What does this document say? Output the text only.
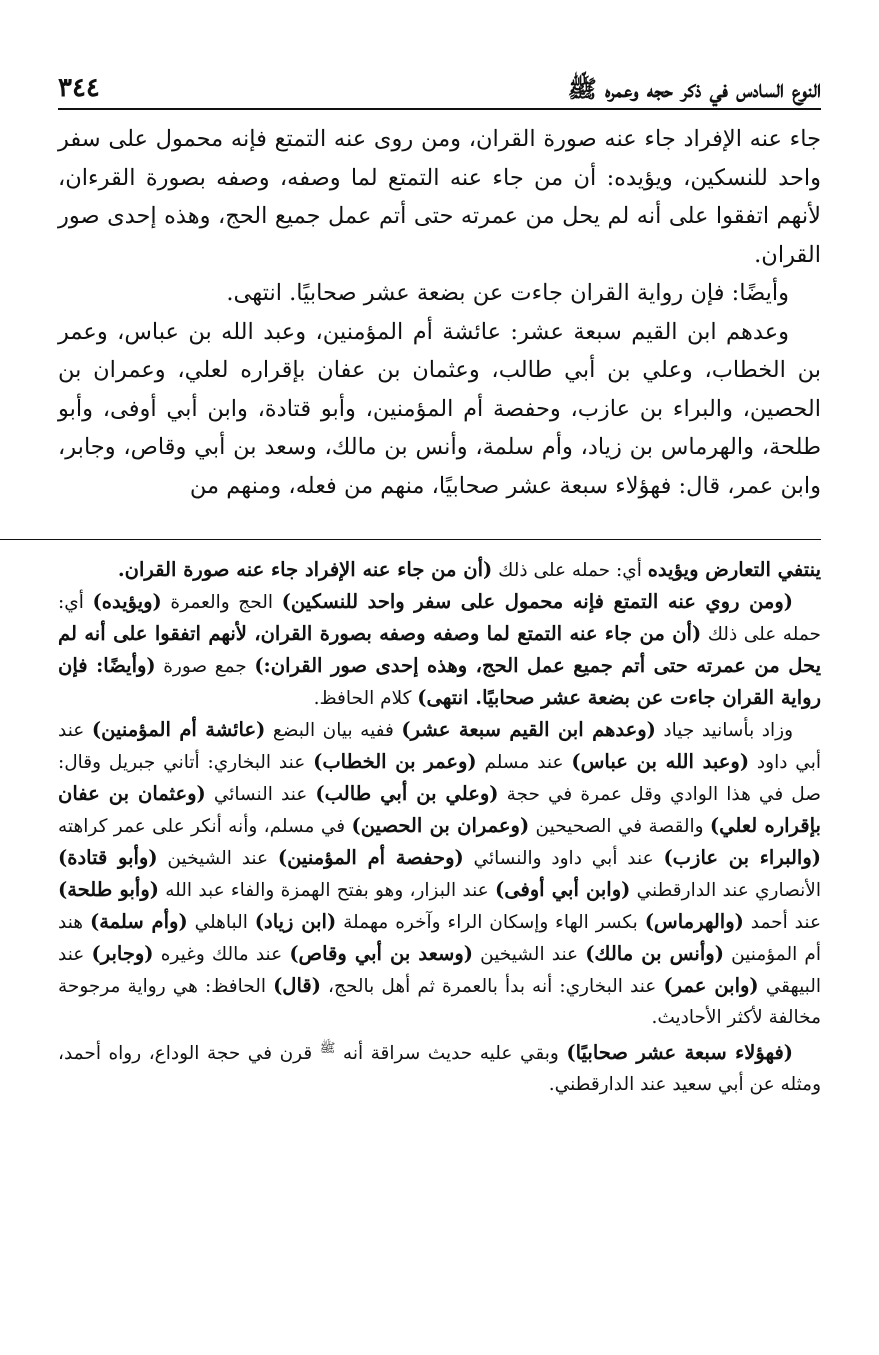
النوع السادس في ذكر حجه وعمره ﷺ
٣٤٤

جاء عنه الإفراد جاء عنه صورة القران، ومن روى عنه التمتع فإنه محمول على سفر واحد للنسكين، ويؤيده: أن من جاء عنه التمتع لما وصفه، وصفه بصورة القرءان، لأنهم اتفقوا على أنه لم يحل من عمرته حتى أتم عمل جميع الحج، وهذه إحدى صور القران.

وأيضًا: فإن رواية القران جاءت عن بضعة عشر صحابيًا. انتهى.

وعدهم ابن القيم سبعة عشر: عائشة أم المؤمنين، وعبد الله بن عباس، وعمر بن الخطاب، وعلي بن أبي طالب، وعثمان بن عفان بإقراره لعلي، وعمران بن الحصين، والبراء بن عازب، وحفصة أم المؤمنين، وأبو قتادة، وابن أبي أوفى، وأبو طلحة، والهرماس بن زياد، وأم سلمة، وأنس بن مالك، وسعد بن أبي وقاص، وجابر، وابن عمر، قال: فهؤلاء سبعة عشر صحابيًا، منهم من فعله، ومنهم من

ينتفي التعارض ويؤيده أي: حمله على ذلك (أن من جاء عنه الإفراد جاء عنه صورة القران.

(ومن روي عنه التمتع فإنه محمول على سفر واحد للنسكين) الحج والعمرة (ويؤيده) أي: حمله على ذلك (أن من جاء عنه التمتع لما وصفه وصفه بصورة القران، لأنهم اتفقوا على أنه لم يحل من عمرته حتى أتم جميع عمل الحج، وهذه إحدى صور القران:) جمع صورة (وأيضًا: فإن رواية القران جاءت عن بضعة عشر صحابيًا. انتهى) كلام الحافظ.

وزاد بأسانيد جياد (وعدهم ابن القيم سبعة عشر) ففيه بيان البضع (عائشة أم المؤمنين) عند أبي داود (وعبد الله بن عباس) عند مسلم (وعمر بن الخطاب) عند البخاري: أتاني جبريل وقال: صل في هذا الوادي وقل عمرة في حجة (وعلي بن أبي طالب) عند النسائي (وعثمان بن عفان بإقراره لعلي) والقصة في الصحيحين (وعمران بن الحصين) في مسلم، وأنه أنكر على عمر كراهته (والبراء بن عازب) عند أبي داود والنسائي (وحفصة أم المؤمنين) عند الشيخين (وأبو قتادة) الأنصاري عند الدارقطني (وابن أبي أوفى) عند البزار، وهو بفتح الهمزة والفاء عبد الله (وأبو طلحة) عند أحمد (والهرماس) بكسر الهاء وإسكان الراء وآخره مهملة (ابن زياد) الباهلي (وأم سلمة) هند أم المؤمنين (وأنس بن مالك) عند الشيخين (وسعد بن أبي وقاص) عند مالك وغيره (وجابر) عند البيهقي (وابن عمر) عند البخاري: أنه بدأ بالعمرة ثم أهل بالحج، (قال) الحافظ: هي رواية مرجوحة مخالفة لأكثر الأحاديث.

(فهؤلاء سبعة عشر صحابيًا) وبقي عليه حديث سراقة أنه $^ﷺ$ قرن في حجة الوداع، رواه أحمد، ومثله عن أبي سعيد عند الدارقطني.
